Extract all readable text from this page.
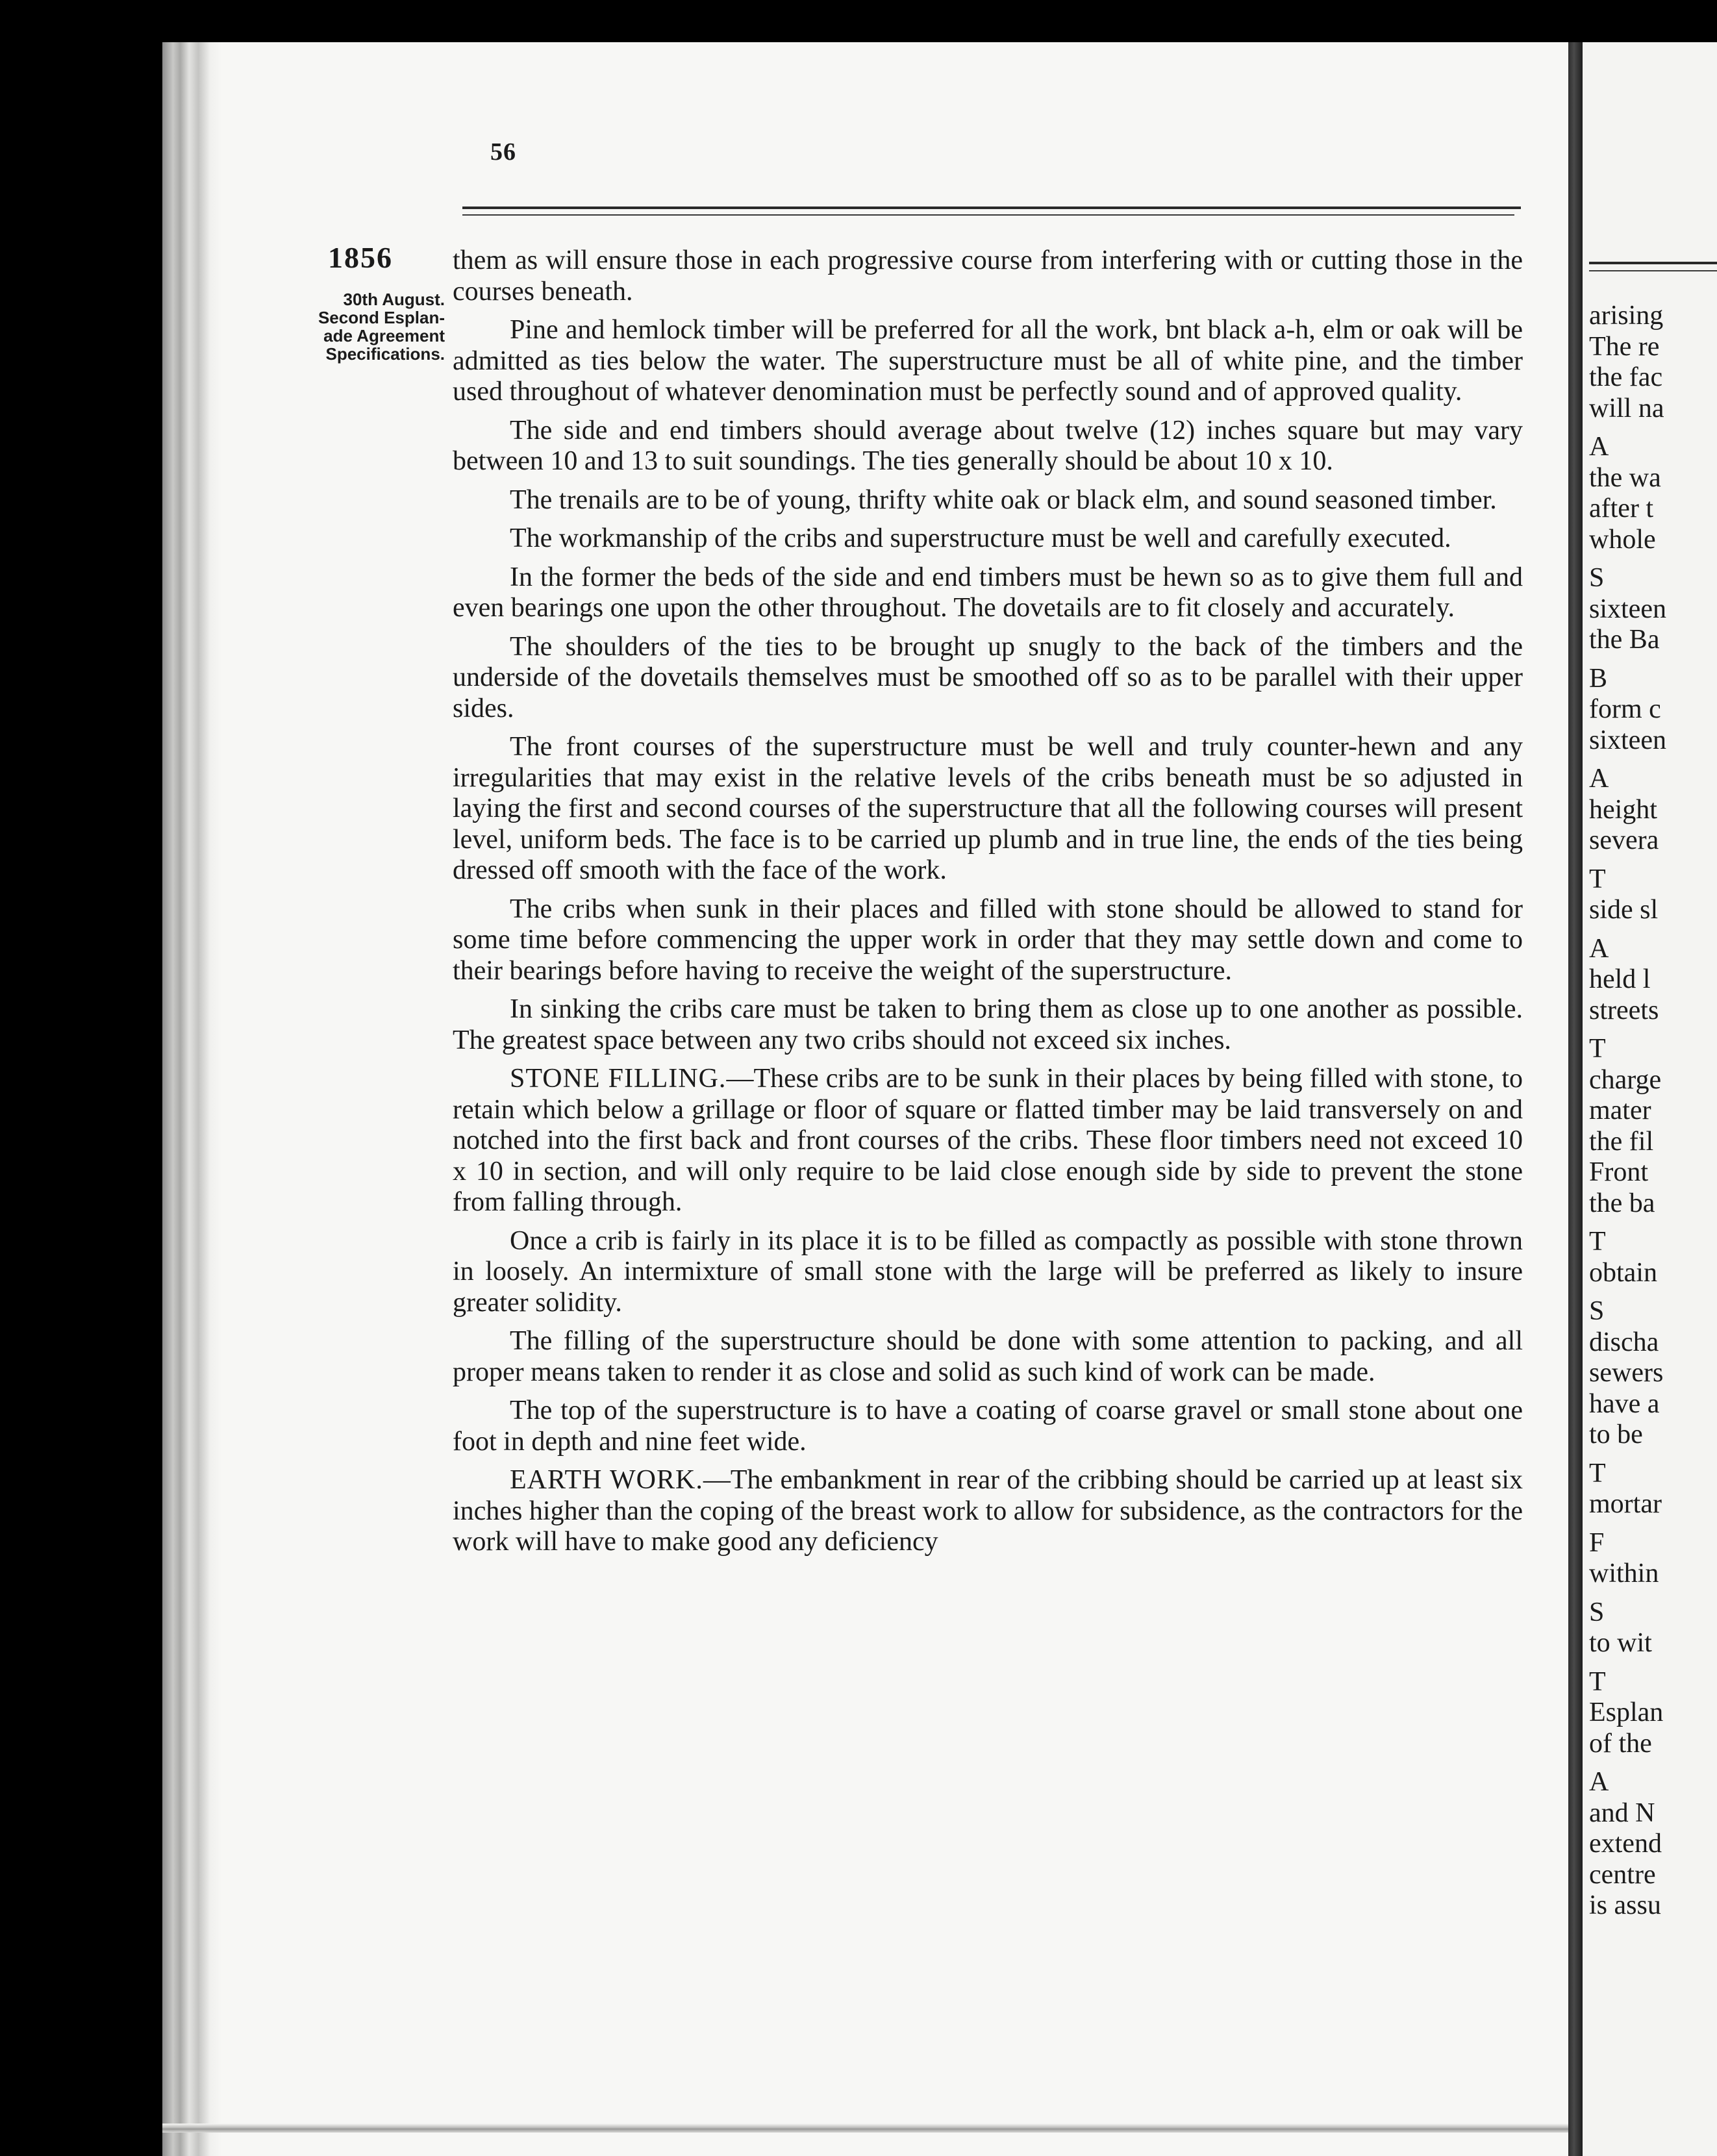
arising
The re
the fac
will na
A
the wa
after t
whole
S
sixteen
the Ba
B
form c
sixteen
A
height
severa
T
side sl
A
held l
streets
T
charge
mater
the fil
Front
the ba
T
obtain
S
discha
sewers
have a
to be
T
mortar
F
within
S
to wit
T
Esplan
of the
A
and N
extend
centre
is assu
56
1856
30th August.
Second Esplan-
ade Agreement
Specifications.

them as will ensure those in each progressive course from interfering with or cutting those in the courses beneath.

Pine and hemlock timber will be preferred for all the work, bnt black a-h, elm or oak will be admitted as ties below the water. The superstructure must be all of white pine, and the timber used throughout of whatever denomination must be perfectly sound and of approved quality.

The side and end timbers should average about twelve (12) inches square but may vary between 10 and 13 to suit soundings. The ties generally should be about 10 x 10.

The trenails are to be of young, thrifty white oak or black elm, and sound seasoned timber.

The workmanship of the cribs and superstructure must be well and carefully executed.

In the former the beds of the side and end timbers must be hewn so as to give them full and even bearings one upon the other throughout. The dovetails are to fit closely and accurately.

The shoulders of the ties to be brought up snugly to the back of the timbers and the underside of the dovetails themselves must be smoothed off so as to be parallel with their upper sides.

The front courses of the superstructure must be well and truly counter-hewn and any irregularities that may exist in the relative levels of the cribs beneath must be so adjusted in laying the first and second courses of the superstructure that all the following courses will present level, uniform beds. The face is to be carried up plumb and in true line, the ends of the ties being dressed off smooth with the face of the work.

The cribs when sunk in their places and filled with stone should be allowed to stand for some time before commencing the upper work in order that they may settle down and come to their bearings before having to receive the weight of the superstructure.

In sinking the cribs care must be taken to bring them as close up to one another as possible. The greatest space between any two cribs should not exceed six inches.

STONE FILLING.—These cribs are to be sunk in their places by being filled with stone, to retain which below a grillage or floor of square or flatted timber may be laid transversely on and notched into the first back and front courses of the cribs. These floor timbers need not exceed 10 x 10 in section, and will only require to be laid close enough side by side to prevent the stone from falling through.

Once a crib is fairly in its place it is to be filled as compactly as possible with stone thrown in loosely. An intermixture of small stone with the large will be preferred as likely to insure greater solidity.

The filling of the superstructure should be done with some attention to packing, and all proper means taken to render it as close and solid as such kind of work can be made.

The top of the superstructure is to have a coating of coarse gravel or small stone about one foot in depth and nine feet wide.

EARTH WORK.—The embankment in rear of the cribbing should be carried up at least six inches higher than the coping of the breast work to allow for subsidence, as the contractors for the work will have to make good any deficiency
